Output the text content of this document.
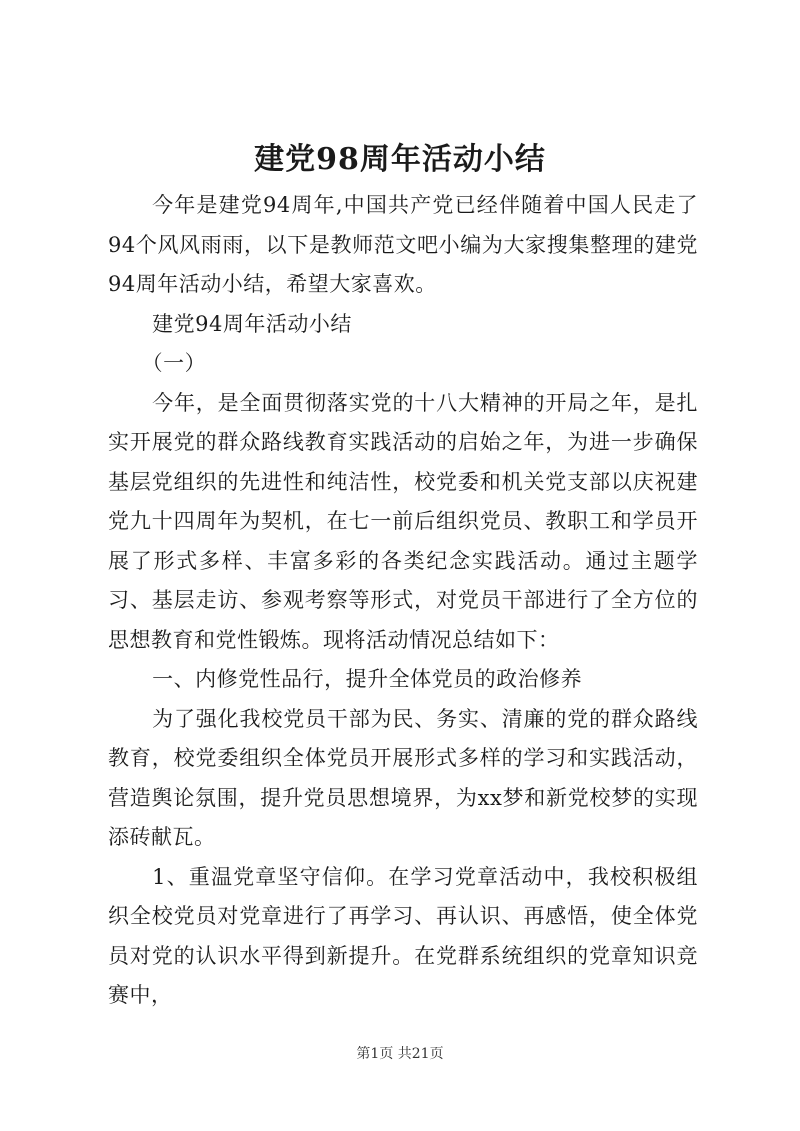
建党98周年活动小结

今年是建党94周年,中国共产党已经伴随着中国人民走了94个风风雨雨，以下是教师范文吧小编为大家搜集整理的建党94周年活动小结，希望大家喜欢。

建党94周年活动小结

（一）

今年，是全面贯彻落实党的十八大精神的开局之年，是扎实开展党的群众路线教育实践活动的启始之年，为进一步确保基层党组织的先进性和纯洁性，校党委和机关党支部以庆祝建党九十四周年为契机，在七一前后组织党员、教职工和学员开展了形式多样、丰富多彩的各类纪念实践活动。通过主题学习、基层走访、参观考察等形式，对党员干部进行了全方位的思想教育和党性锻炼。现将活动情况总结如下：

一、内修党性品行，提升全体党员的政治修养

为了强化我校党员干部为民、务实、清廉的党的群众路线教育，校党委组织全体党员开展形式多样的学习和实践活动，营造舆论氛围，提升党员思想境界，为xx梦和新党校梦的实现添砖献瓦。

1、重温党章坚守信仰。在学习党章活动中，我校积极组织全校党员对党章进行了再学习、再认识、再感悟，使全体党员对党的认识水平得到新提升。在党群系统组织的党章知识竞赛中，

第1页 共21页
